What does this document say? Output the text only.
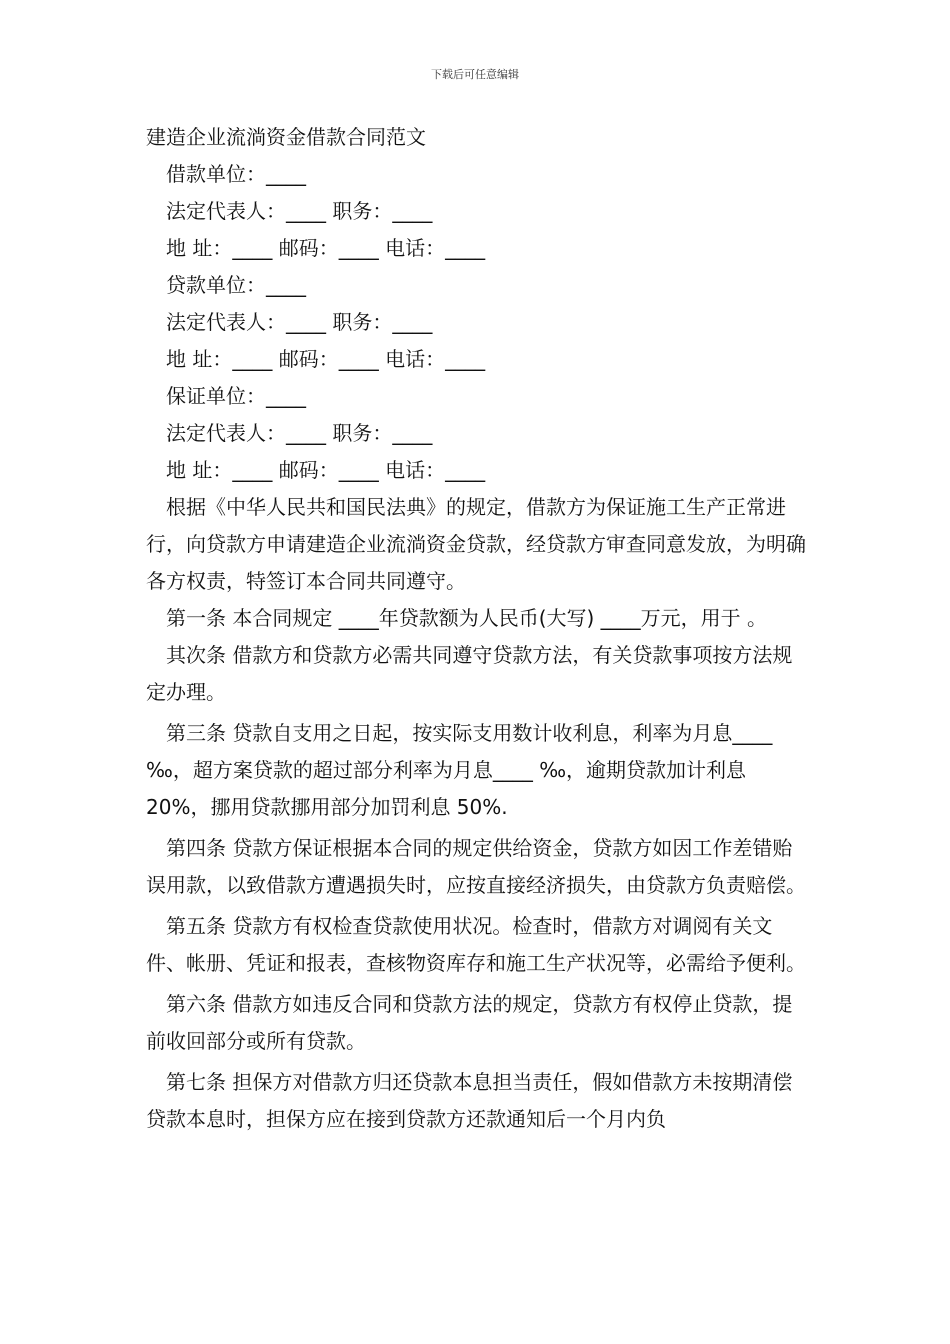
下载后可任意编辑
建造企业流淌资金借款合同范文
借款单位：____
法定代表人：____ 职务：____
地 址：____ 邮码：____ 电话：____
贷款单位：____
法定代表人：____ 职务：____
地 址：____ 邮码：____ 电话：____
保证单位：____
法定代表人：____ 职务：____
地 址：____ 邮码：____ 电话：____

根据《中华人民共和国民法典》的规定，借款方为保证施工生产正常进行，向贷款方申请建造企业流淌资金贷款，经贷款方审查同意发放，为明确各方权责，特签订本合同共同遵守。

第一条 本合同规定 ____年贷款额为人民币(大写) ____万元，用于 。

其次条 借款方和贷款方必需共同遵守贷款方法，有关贷款事项按方法规定办理。

第三条 贷款自支用之日起，按实际支用数计收利息，利率为月息____ ‰，超方案贷款的超过部分利率为月息____ ‰，逾期贷款加计利息 20%，挪用贷款挪用部分加罚利息 50%.

第四条 贷款方保证根据本合同的规定供给资金，贷款方如因工作差错贻误用款，以致借款方遭遇损失时，应按直接经济损失，由贷款方负责赔偿。

第五条 贷款方有权检查贷款使用状况。检查时，借款方对调阅有关文件、帐册、凭证和报表，查核物资库存和施工生产状况等，必需给予便利。

第六条 借款方如违反合同和贷款方法的规定，贷款方有权停止贷款，提前收回部分或所有贷款。

第七条 担保方对借款方归还贷款本息担当责任，假如借款方未按期清偿贷款本息时，担保方应在接到贷款方还款通知后一个月内负
